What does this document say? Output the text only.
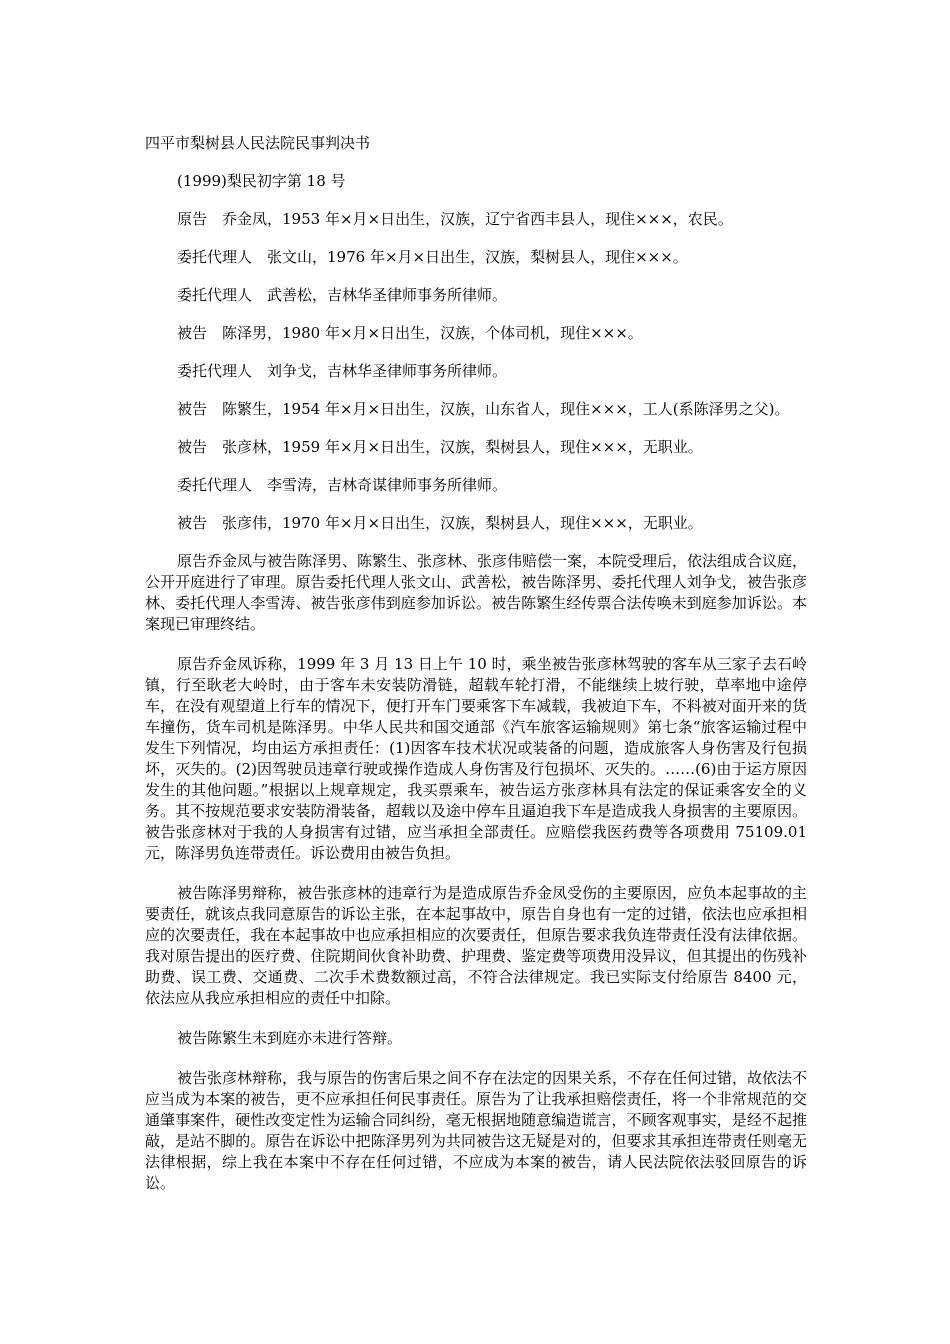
四平市梨树县人民法院民事判决书

(1999)梨民初字第 18 号

原告　乔金凤，1953 年×月×日出生，汉族，辽宁省西丰县人，现住×××，农民。

委托代理人　张文山，1976 年×月×日出生，汉族，梨树县人，现住×××。

委托代理人　武善松，吉林华圣律师事务所律师。

被告　陈泽男，1980 年×月×日出生，汉族，个体司机，现住×××。

委托代理人　刘争戈，吉林华圣律师事务所律师。

被告　陈繁生，1954 年×月×日出生，汉族，山东省人，现住×××，工人(系陈泽男之父)。

被告　张彦林，1959 年×月×日出生，汉族，梨树县人，现住×××，无职业。

委托代理人　李雪涛，吉林奇谋律师事务所律师。

被告　张彦伟，1970 年×月×日出生，汉族，梨树县人，现住×××，无职业。

原告乔金凤与被告陈泽男、陈繁生、张彦林、张彦伟赔偿一案，本院受理后，依法组成合议庭，公开开庭进行了审理。原告委托代理人张文山、武善松，被告陈泽男、委托代理人刘争戈，被告张彦林、委托代理人李雪涛、被告张彦伟到庭参加诉讼。被告陈繁生经传票合法传唤未到庭参加诉讼。本案现已审理终结。

原告乔金凤诉称，1999 年 3 月 13 日上午 10 时，乘坐被告张彦林驾驶的客车从三家子去石岭镇，行至耿老大岭时，由于客车未安装防滑链，超载车轮打滑，不能继续上坡行驶，草率地中途停车，在没有观望道上行车的情况下，便打开车门要乘客下车减载，我被迫下车，不料被对面开来的货车撞伤，货车司机是陈泽男。中华人民共和国交通部《汽车旅客运输规则》第七条“旅客运输过程中发生下列情况，均由运方承担责任：(1)因客车技术状况或装备的问题，造成旅客人身伤害及行包损坏，灭失的。(2)因驾驶员违章行驶或操作造成人身伤害及行包损坏、灭失的。……(6)由于运方原因发生的其他问题。”根据以上规章规定，我买票乘车，被告运方张彦林具有法定的保证乘客安全的义务。其不按规范要求安装防滑装备，超载以及途中停车且逼迫我下车是造成我人身损害的主要原因。被告张彦林对于我的人身损害有过错，应当承担全部责任。应赔偿我医药费等各项费用 75109.01 元，陈泽男负连带责任。诉讼费用由被告负担。

被告陈泽男辩称，被告张彦林的违章行为是造成原告乔金凤受伤的主要原因，应负本起事故的主要责任，就该点我同意原告的诉讼主张，在本起事故中，原告自身也有一定的过错，依法也应承担相应的次要责任，我在本起事故中也应承担相应的次要责任，但原告要求我负连带责任没有法律依据。我对原告提出的医疗费、住院期间伙食补助费、护理费、鉴定费等项费用没异议，但其提出的伤残补助费、误工费、交通费、二次手术费数额过高，不符合法律规定。我已实际支付给原告 8400 元，依法应从我应承担相应的责任中扣除。

被告陈繁生未到庭亦未进行答辩。

被告张彦林辩称，我与原告的伤害后果之间不存在法定的因果关系，不存在任何过错，故依法不应当成为本案的被告，更不应承担任何民事责任。原告为了让我承担赔偿责任，将一个非常规范的交通肇事案件，硬性改变定性为运输合同纠纷，毫无根据地随意编造谎言，不顾客观事实，是经不起推敲，是站不脚的。原告在诉讼中把陈泽男列为共同被告这无疑是对的，但要求其承担连带责任则毫无法律根据，综上我在本案中不存在任何过错，不应成为本案的被告，请人民法院依法驳回原告的诉讼。
